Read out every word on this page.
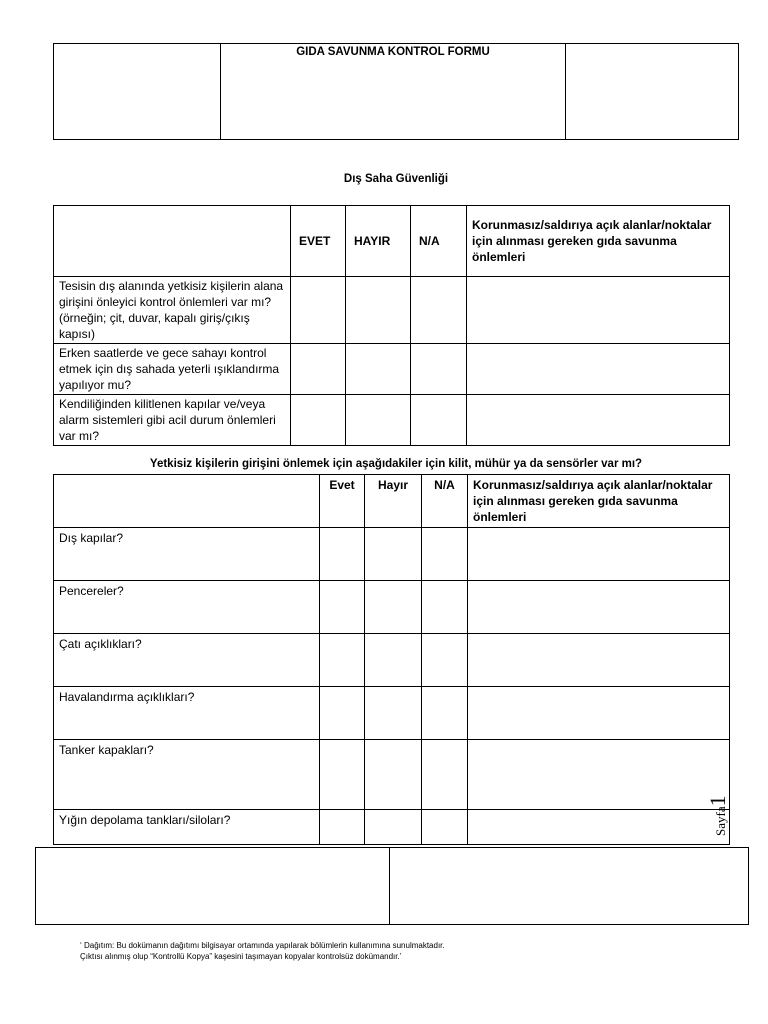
	GIDA SAVUNMA KONTROL FORMU	
Dış Saha Güvenliği
	EVET	HAYIR	N/A	Korunmasız/saldırıya açık alanlar/noktalar için alınması gereken gıda savunma önlemleri
Tesisin dış alanında yetkisiz kişilerin alana girişini önleyici kontrol önlemleri var mı? (örneğin; çit, duvar, kapalı giriş/çıkış kapısı)				
Erken saatlerde ve gece sahayı kontrol etmek için dış sahada yeterli ışıklandırma yapılıyor mu?				
Kendiliğinden kilitlenen kapılar ve/veya alarm sistemleri gibi acil durum önlemleri var mı?				
Yetkisiz kişilerin girişini önlemek için aşağıdakiler için kilit, mühür ya da sensörler var mı?
	Evet	Hayır	N/A	Korunmasız/saldırıya açık alanlar/noktalar için alınması gereken gıda savunma önlemleri
Dış kapılar?				
Pencereler?				
Çatı açıklıkları?				
Havalandırma açıklıkları?				
Tanker kapakları?				
Yığın depolama tankları/siloları?					Sayfa1

‘ Dağıtım: Bu dokümanın dağıtımı bilgisayar ortamında yapılarak bölümlerin kullanımına sunulmaktadır.
Çıktısı alınmış olup “Kontrollü Kopya” kaşesini taşımayan kopyalar kontrolsüz dokümandır.’
